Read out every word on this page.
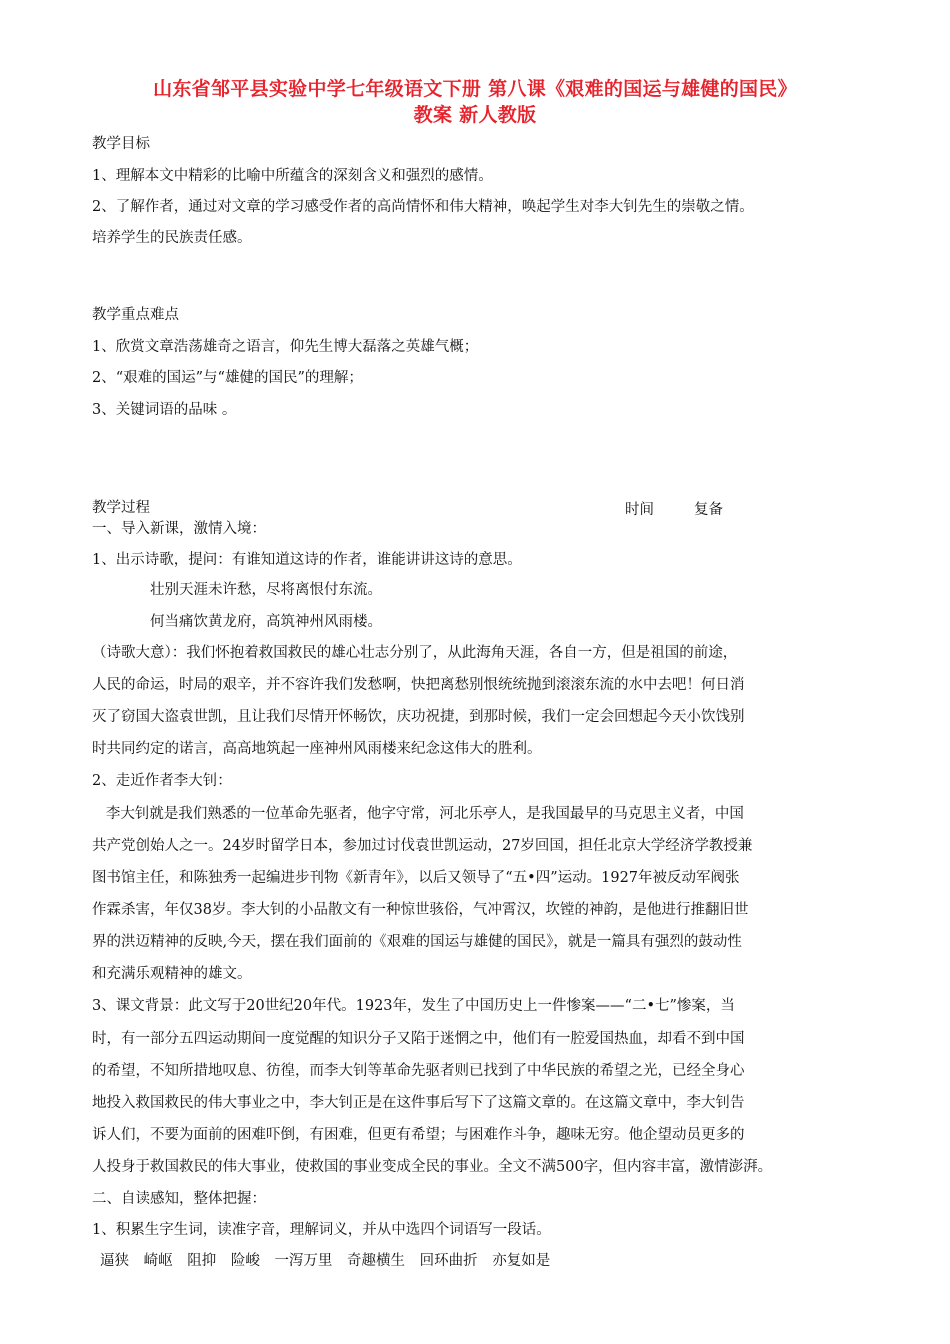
山东省邹平县实验中学七年级语文下册 第八课《艰难的国运与雄健的国民》
教案 新人教版
教学目标
1、理解本文中精彩的比喻中所蕴含的深刻含义和强烈的感情。
2、了解作者，通过对文章的学习感受作者的高尚情怀和伟大精神，唤起学生对李大钊先生的崇敬之情。
培养学生的民族责任感。
教学重点难点
1、欣赏文章浩荡雄奇之语言，仰先生博大磊落之英雄气概；
2、“艰难的国运”与“雄健的国民”的理解；
3、关键词语的品味 。
教学过程	时间	复备
一、导入新课，激情入境：
1、出示诗歌，提问：有谁知道这诗的作者，谁能讲讲这诗的意思。
壮别天涯未许愁，尽将离恨付东流。
何当痛饮黄龙府，高筑神州风雨楼。
（诗歌大意）：我们怀抱着救国救民的雄心壮志分别了，从此海角天涯，各自一方，但是祖国的前途，
人民的命运，时局的艰辛，并不容许我们发愁啊，快把离愁别恨统统抛到滚滚东流的水中去吧！何日消
灭了窃国大盗袁世凯，且让我们尽情开怀畅饮，庆功祝捷，到那时候，我们一定会回想起今天小饮饯别
时共同约定的诺言，高高地筑起一座神州风雨楼来纪念这伟大的胜利。
2、走近作者李大钊：
李大钊就是我们熟悉的一位革命先驱者，他字守常，河北乐亭人，是我国最早的马克思主义者，中国
共产党创始人之一。24岁时留学日本，参加过讨伐袁世凯运动，27岁回国，担任北京大学经济学教授兼
图书馆主任，和陈独秀一起编进步刊物《新青年》，以后又领导了“五•四”运动。1927年被反动军阀张
作霖杀害，年仅38岁。李大钊的小品散文有一种惊世骇俗，气冲霄汉，坎镗的神韵，是他进行推翻旧世
界的洪迈精神的反映,今天，摆在我们面前的《艰难的国运与雄健的国民》，就是一篇具有强烈的鼓动性
和充满乐观精神的雄文。
3、课文背景：此文写于20世纪20年代。1923年，发生了中国历史上一件惨案——“二•七”惨案，当
时，有一部分五四运动期间一度觉醒的知识分子又陷于迷惘之中，他们有一腔爱国热血，却看不到中国
的希望，不知所措地叹息、彷徨，而李大钊等革命先驱者则已找到了中华民族的希望之光，已经全身心
地投入救国救民的伟大事业之中，李大钊正是在这件事后写下了这篇文章的。在这篇文章中，李大钊告
诉人们，不要为面前的困难吓倒，有困难，但更有希望；与困难作斗争，趣味无穷。他企望动员更多的
人投身于救国救民的伟大事业，使救国的事业变成全民的事业。全文不满500字，但内容丰富，激情澎湃。
二、自读感知，整体把握：
1、积累生字生词，读准字音，理解词义，并从中选四个词语写一段话。
逼狭 崎岖 阻抑 险峻 一泻万里 奇趣横生 回环曲折 亦复如是
